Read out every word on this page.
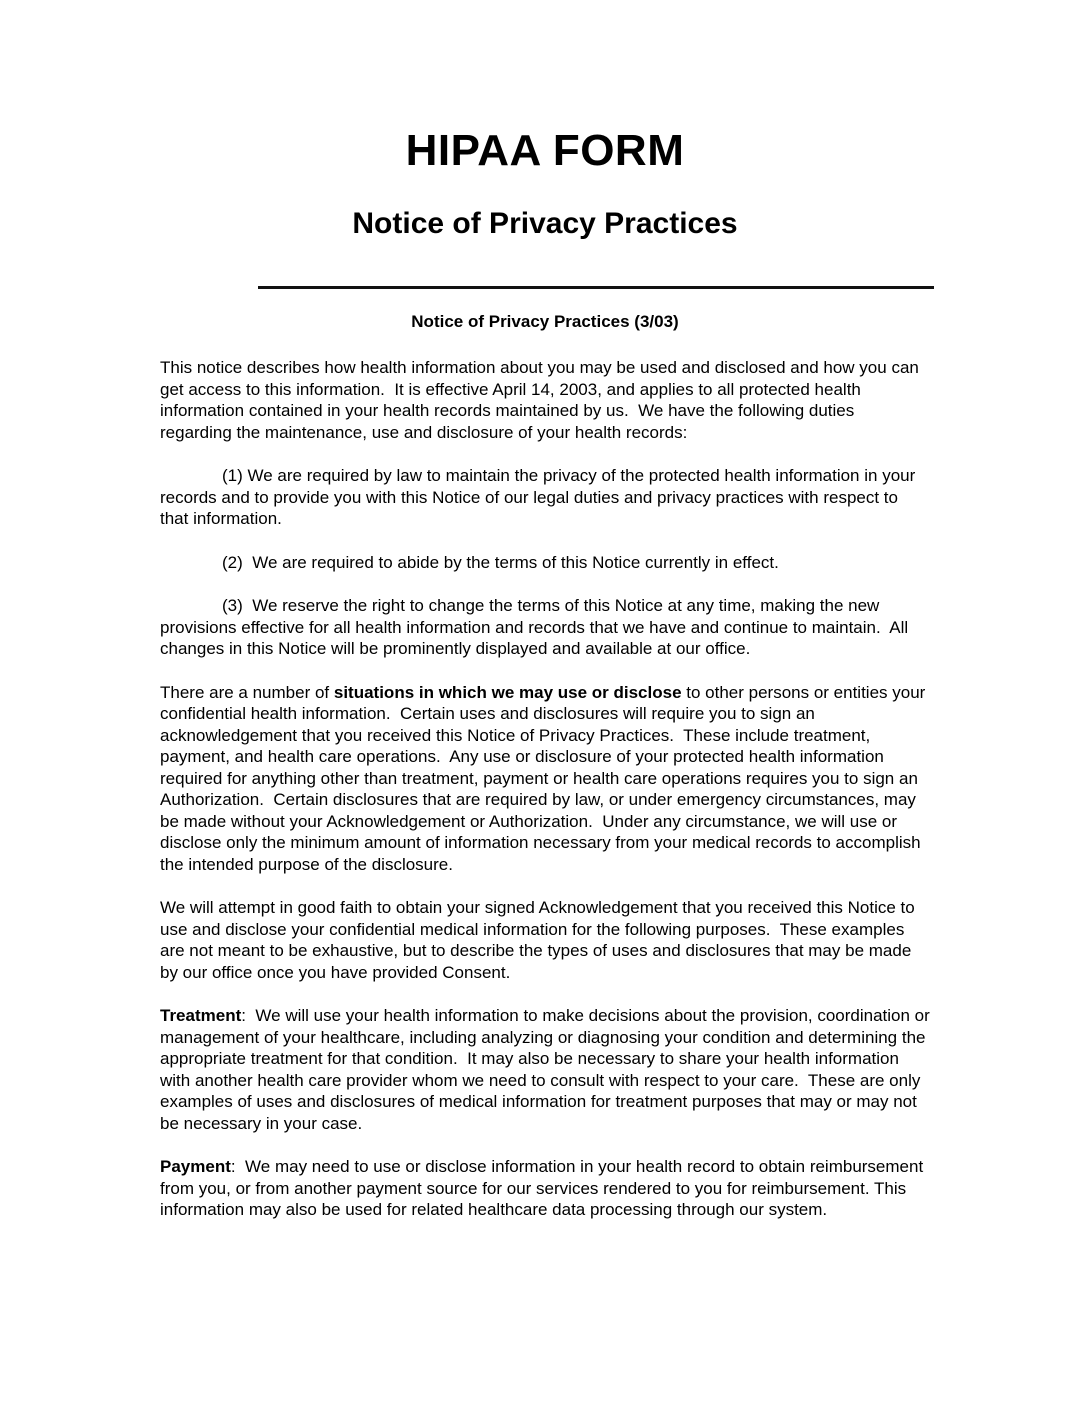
HIPAA FORM
Notice of Privacy Practices
Notice of Privacy Practices (3/03)

This notice describes how health information about you may be used and disclosed and how you can get access to this information.  It is effective April 14, 2003, and applies to all protected health information contained in your health records maintained by us.  We have the following duties regarding the maintenance, use and disclosure of your health records:

(1) We are required by law to maintain the privacy of the protected health information in your records and to provide you with this Notice of our legal duties and privacy practices with respect to that information.

(2)  We are required to abide by the terms of this Notice currently in effect.

(3)  We reserve the right to change the terms of this Notice at any time, making the new provisions effective for all health information and records that we have and continue to maintain.  All changes in this Notice will be prominently displayed and available at our office.

There are a number of situations in which we may use or disclose to other persons or entities your confidential health information.  Certain uses and disclosures will require you to sign an acknowledgement that you received this Notice of Privacy Practices.  These include treatment, payment, and health care operations.  Any use or disclosure of your protected health information required for anything other than treatment, payment or health care operations requires you to sign an Authorization.  Certain disclosures that are required by law, or under emergency circumstances, may be made without your Acknowledgement or Authorization.  Under any circumstance, we will use or disclose only the minimum amount of information necessary from your medical records to accomplish the intended purpose of the disclosure.

We will attempt in good faith to obtain your signed Acknowledgement that you received this Notice to use and disclose your confidential medical information for the following purposes.  These examples are not meant to be exhaustive, but to describe the types of uses and disclosures that may be made by our office once you have provided Consent.

Treatment:  We will use your health information to make decisions about the provision, coordination or management of your healthcare, including analyzing or diagnosing your condition and determining the appropriate treatment for that condition.  It may also be necessary to share your health information with another health care provider whom we need to consult with respect to your care.  These are only examples of uses and disclosures of medical information for treatment purposes that may or may not be necessary in your case.

Payment:  We may need to use or disclose information in your health record to obtain reimbursement from you, or from another payment source for our services rendered to you for reimbursement. This information may also be used for related healthcare data processing through our system.
